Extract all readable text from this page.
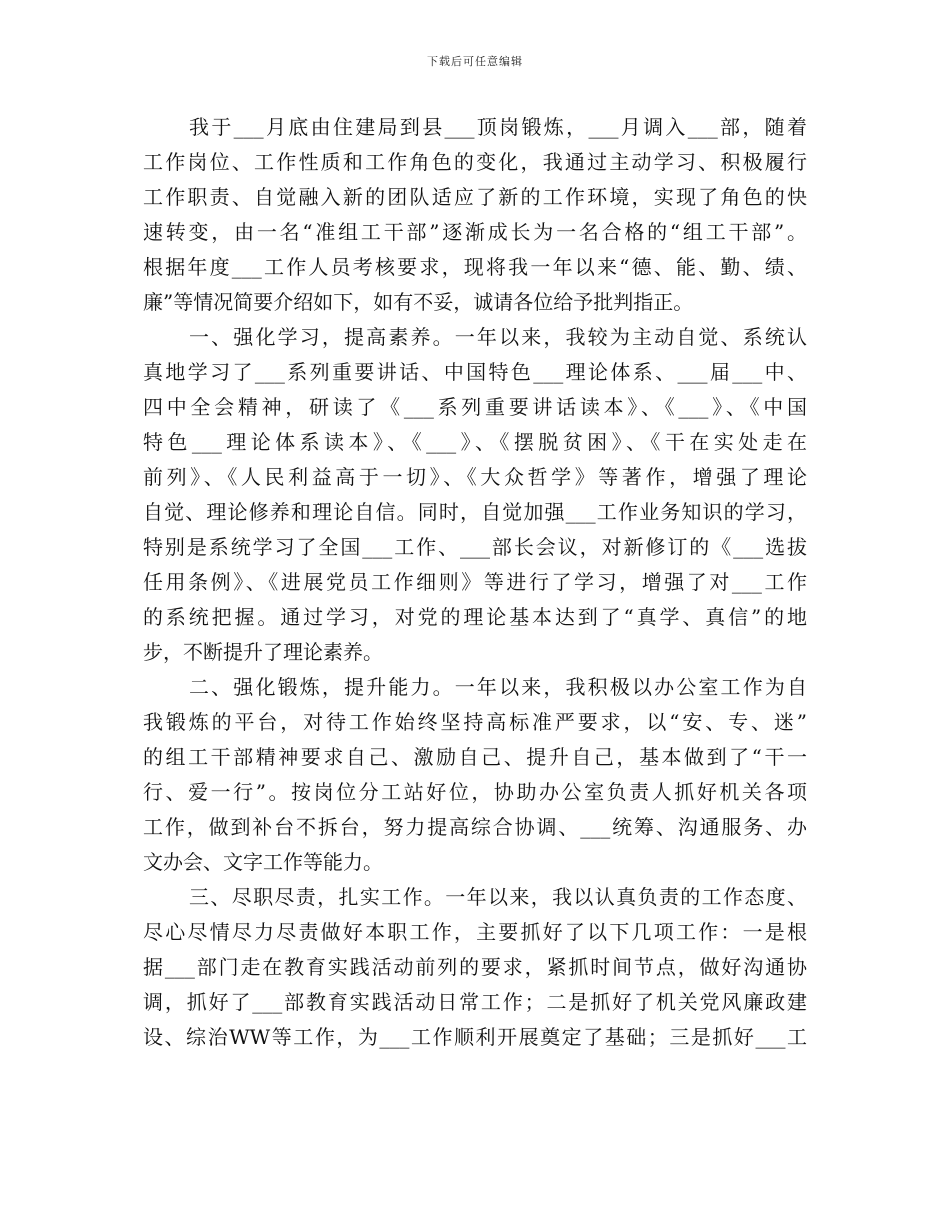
下载后可任意编辑
我于___月底由住建局到县___顶岗锻炼，___月调入___部，随着
工作岗位、工作性质和工作角色的变化，我通过主动学习、积极履行
工作职责、自觉融入新的团队适应了新的工作环境，实现了角色的快
速转变，由一名“准组工干部”逐渐成长为一名合格的“组工干部”。
根据年度___工作人员考核要求，现将我一年以来“德、能、勤、绩、
廉”等情况简要介绍如下，如有不妥，诚请各位给予批判指正。
一、强化学习，提高素养。一年以来，我较为主动自觉、系统认
真地学习了___系列重要讲话、中国特色___理论体系、___届___中、
四中全会精神，研读了《___系列重要讲话读本》、《___》、《中国
特色___理论体系读本》、《___》、《摆脱贫困》、《干在实处走在
前列》、《人民利益高于一切》、《大众哲学》等著作，增强了理论
自觉、理论修养和理论自信。同时，自觉加强___工作业务知识的学习，
特别是系统学习了全国___工作、___部长会议，对新修订的《___选拔
任用条例》、《进展党员工作细则》等进行了学习，增强了对___工作
的系统把握。通过学习，对党的理论基本达到了“真学、真信”的地
步，不断提升了理论素养。
二、强化锻炼，提升能力。一年以来，我积极以办公室工作为自
我锻炼的平台，对待工作始终坚持高标准严要求，以“安、专、迷”
的组工干部精神要求自己、激励自己、提升自己，基本做到了“干一
行、爱一行”。按岗位分工站好位，协助办公室负责人抓好机关各项
工作，做到补台不拆台，努力提高综合协调、___统筹、沟通服务、办
文办会、文字工作等能力。
三、尽职尽责，扎实工作。一年以来，我以认真负责的工作态度、
尽心尽情尽力尽责做好本职工作，主要抓好了以下几项工作：一是根
据___部门走在教育实践活动前列的要求，紧抓时间节点，做好沟通协
调，抓好了___部教育实践活动日常工作；二是抓好了机关党风廉政建
设、综治WW等工作，为___工作顺利开展奠定了基础；三是抓好___工
